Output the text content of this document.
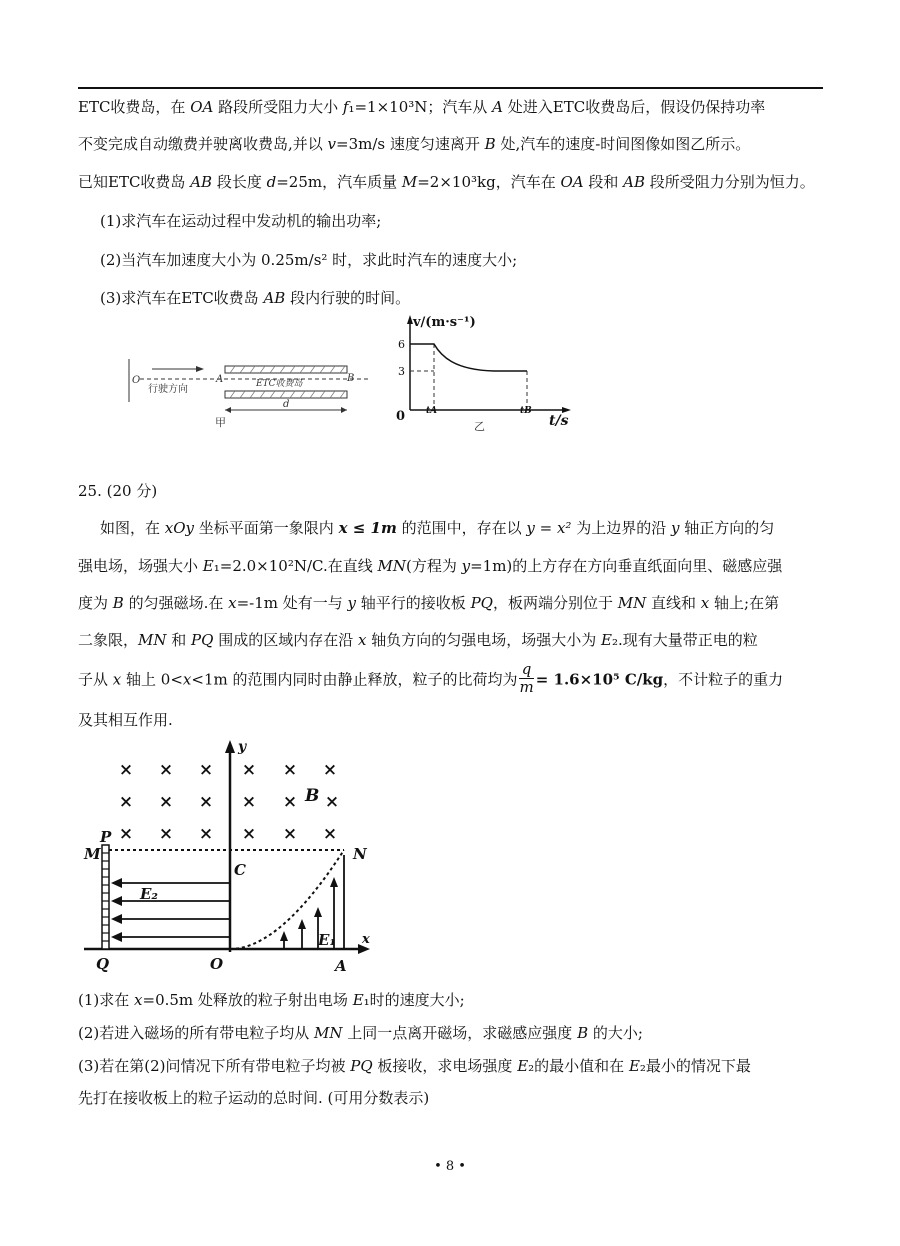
ETC收费岛，在 OA 路段所受阻力大小 f₁=1×10³N；汽车从 A 处进入ETC收费岛后，假设仍保持功率
不变完成自动缴费并驶离收费岛,并以 v=3m/s 速度匀速离开 B 处,汽车的速度-时间图像如图乙所示。
已知ETC收费岛 AB 段长度 d=25m，汽车质量 M=2×10³kg，汽车在 OA 段和 AB 段所受阻力分别为恒力。
(1)求汽车在运动过程中发动机的输出功率;
(2)当汽车加速度大小为 0.25m/s² 时，求此时汽车的速度大小;
(3)求汽车在ETC收费岛 AB 段内行驶的时间。
O	A	B
行驶方向	ETC收费岛
d
甲
v/(m·s⁻¹)
t/s
0
6
3
tA	tB
乙
25. (20 分)
如图，在 xOy 坐标平面第一象限内 x ≤ 1m 的范围中，存在以 y = x² 为上边界的沿 y 轴正方向的匀
强电场，场强大小 E₁=2.0×10²N/C.在直线 MN(方程为 y=1m)的上方存在方向垂直纸面向里、磁感应强
度为 B 的匀强磁场.在 x=-1m 处有一与 y 轴平行的接收板 PQ，板两端分别位于 MN 直线和 x 轴上;在第
二象限，MN 和 PQ 围成的区域内存在沿 x 轴负方向的匀强电场，场强大小为 E₂.现有大量带正电的粒
子从 x 轴上 0<x<1m 的范围内同时由静止释放，粒子的比荷均为 $\frac{q}{m} = 1.6\times 10^5$ C/kg，不计粒子的重力
及其相互作用.
× × × × × ×
× × × × × ×
× × × × × ×
y
x
B
P
M	N
C
E₂
E₁
Q	O	A
(1)求在 x=0.5m 处释放的粒子射出电场 E₁时的速度大小;
(2)若进入磁场的所有带电粒子均从 MN 上同一点离开磁场，求磁感应强度 B 的大小;
(3)若在第(2)问情况下所有带电粒子均被 PQ 板接收，求电场强度 E₂的最小值和在 E₂最小的情况下最
先打在接收板上的粒子运动的总时间. (可用分数表示)
• 8 •
